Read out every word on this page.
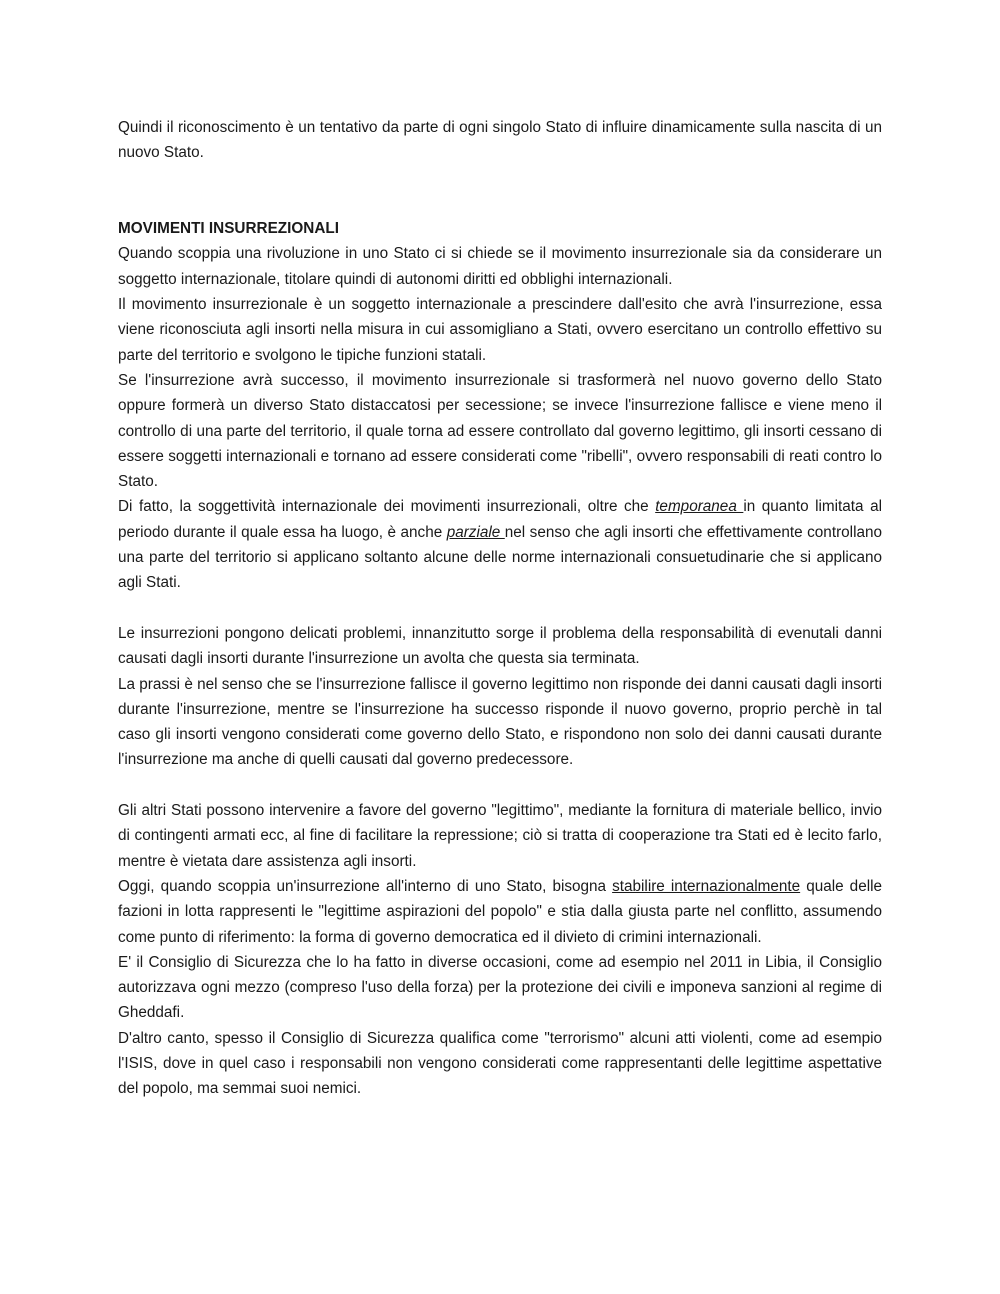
Quindi il riconoscimento è un tentativo da parte di ogni singolo Stato di influire dinamicamente sulla nascita di un nuovo Stato.

MOVIMENTI INSURREZIONALI

Quando scoppia una rivoluzione in uno Stato ci si chiede se il movimento insurrezionale sia da considerare un soggetto internazionale, titolare quindi di autonomi diritti ed obblighi internazionali.

Il movimento insurrezionale è un soggetto internazionale a prescindere dall'esito che avrà l'insurrezione, essa viene riconosciuta agli insorti nella misura in cui assomigliano a Stati, ovvero esercitano un controllo effettivo su parte del territorio e svolgono le tipiche funzioni statali.

Se l'insurrezione avrà successo, il movimento insurrezionale si trasformerà nel nuovo governo dello Stato oppure formerà un diverso Stato distaccatosi per secessione; se invece l'insurrezione fallisce e viene meno il controllo di una parte del territorio, il quale torna ad essere controllato dal governo legittimo, gli insorti cessano di essere soggetti internazionali e tornano ad essere considerati come "ribelli", ovvero responsabili di reati contro lo Stato.

Di fatto, la soggettività internazionale dei movimenti insurrezionali, oltre che temporanea in quanto limitata al periodo durante il quale essa ha luogo, è anche parziale nel senso che agli insorti che effettivamente controllano una parte del territorio si applicano soltanto alcune delle norme internazionali consuetudinarie che si applicano agli Stati.

Le insurrezioni pongono delicati problemi, innanzitutto sorge il problema della responsabilità di evenutali danni causati dagli insorti durante l'insurrezione un avolta che questa sia terminata.

La prassi è nel senso che se l'insurrezione fallisce il governo legittimo non risponde dei danni causati dagli insorti durante l'insurrezione, mentre se l'insurrezione ha successo risponde il nuovo governo, proprio perchè in tal caso gli insorti vengono considerati come governo dello Stato, e rispondono non solo dei danni causati durante l'insurrezione ma anche di quelli causati dal governo predecessore.

Gli altri Stati possono intervenire a favore del governo "legittimo", mediante la fornitura di materiale bellico, invio di contingenti armati ecc, al fine di facilitare la repressione; ciò si tratta di cooperazione tra Stati ed è lecito farlo, mentre è vietata dare assistenza agli insorti.

Oggi, quando scoppia un'insurrezione all'interno di uno Stato, bisogna stabilire internazionalmente quale delle fazioni in lotta rappresenti le "legittime aspirazioni del popolo" e stia dalla giusta parte nel conflitto, assumendo come punto di riferimento: la forma di governo democratica ed il divieto di crimini internazionali.

E' il Consiglio di Sicurezza che lo ha fatto in diverse occasioni, come ad esempio nel 2011 in Libia, il Consiglio autorizzava ogni mezzo (compreso l'uso della forza) per la protezione dei civili e imponeva sanzioni al regime di Gheddafi.

D'altro canto, spesso il Consiglio di Sicurezza qualifica come "terrorismo" alcuni atti violenti, come ad esempio l'ISIS, dove in quel caso i responsabili non vengono considerati come rappresentanti delle legittime aspettative del popolo, ma semmai suoi nemici.
